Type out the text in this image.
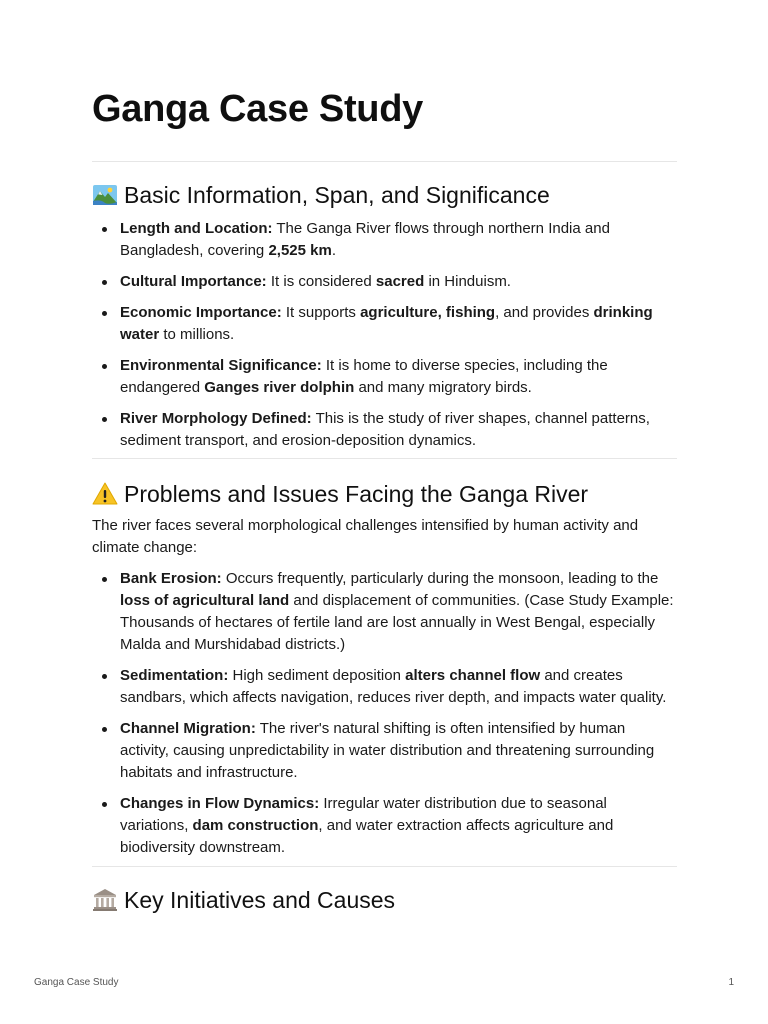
Ganga Case Study
Basic Information, Span, and Significance
Length and Location: The Ganga River flows through northern India and Bangladesh, covering 2,525 km.
Cultural Importance: It is considered sacred in Hinduism.
Economic Importance: It supports agriculture, fishing, and provides drinking water to millions.
Environmental Significance: It is home to diverse species, including the endangered Ganges river dolphin and many migratory birds.
River Morphology Defined: This is the study of river shapes, channel patterns, sediment transport, and erosion-deposition dynamics.
Problems and Issues Facing the Ganga River

The river faces several morphological challenges intensified by human activity and climate change:

Bank Erosion: Occurs frequently, particularly during the monsoon, leading to the loss of agricultural land and displacement of communities. (Case Study Example: Thousands of hectares of fertile land are lost annually in West Bengal, especially Malda and Murshidabad districts.)
Sedimentation: High sediment deposition alters channel flow and creates sandbars, which affects navigation, reduces river depth, and impacts water quality.
Channel Migration: The river's natural shifting is often intensified by human activity, causing unpredictability in water distribution and threatening surrounding habitats and infrastructure.
Changes in Flow Dynamics: Irregular water distribution due to seasonal variations, dam construction, and water extraction affects agriculture and biodiversity downstream.
Key Initiatives and Causes
Ganga Case Study	1
